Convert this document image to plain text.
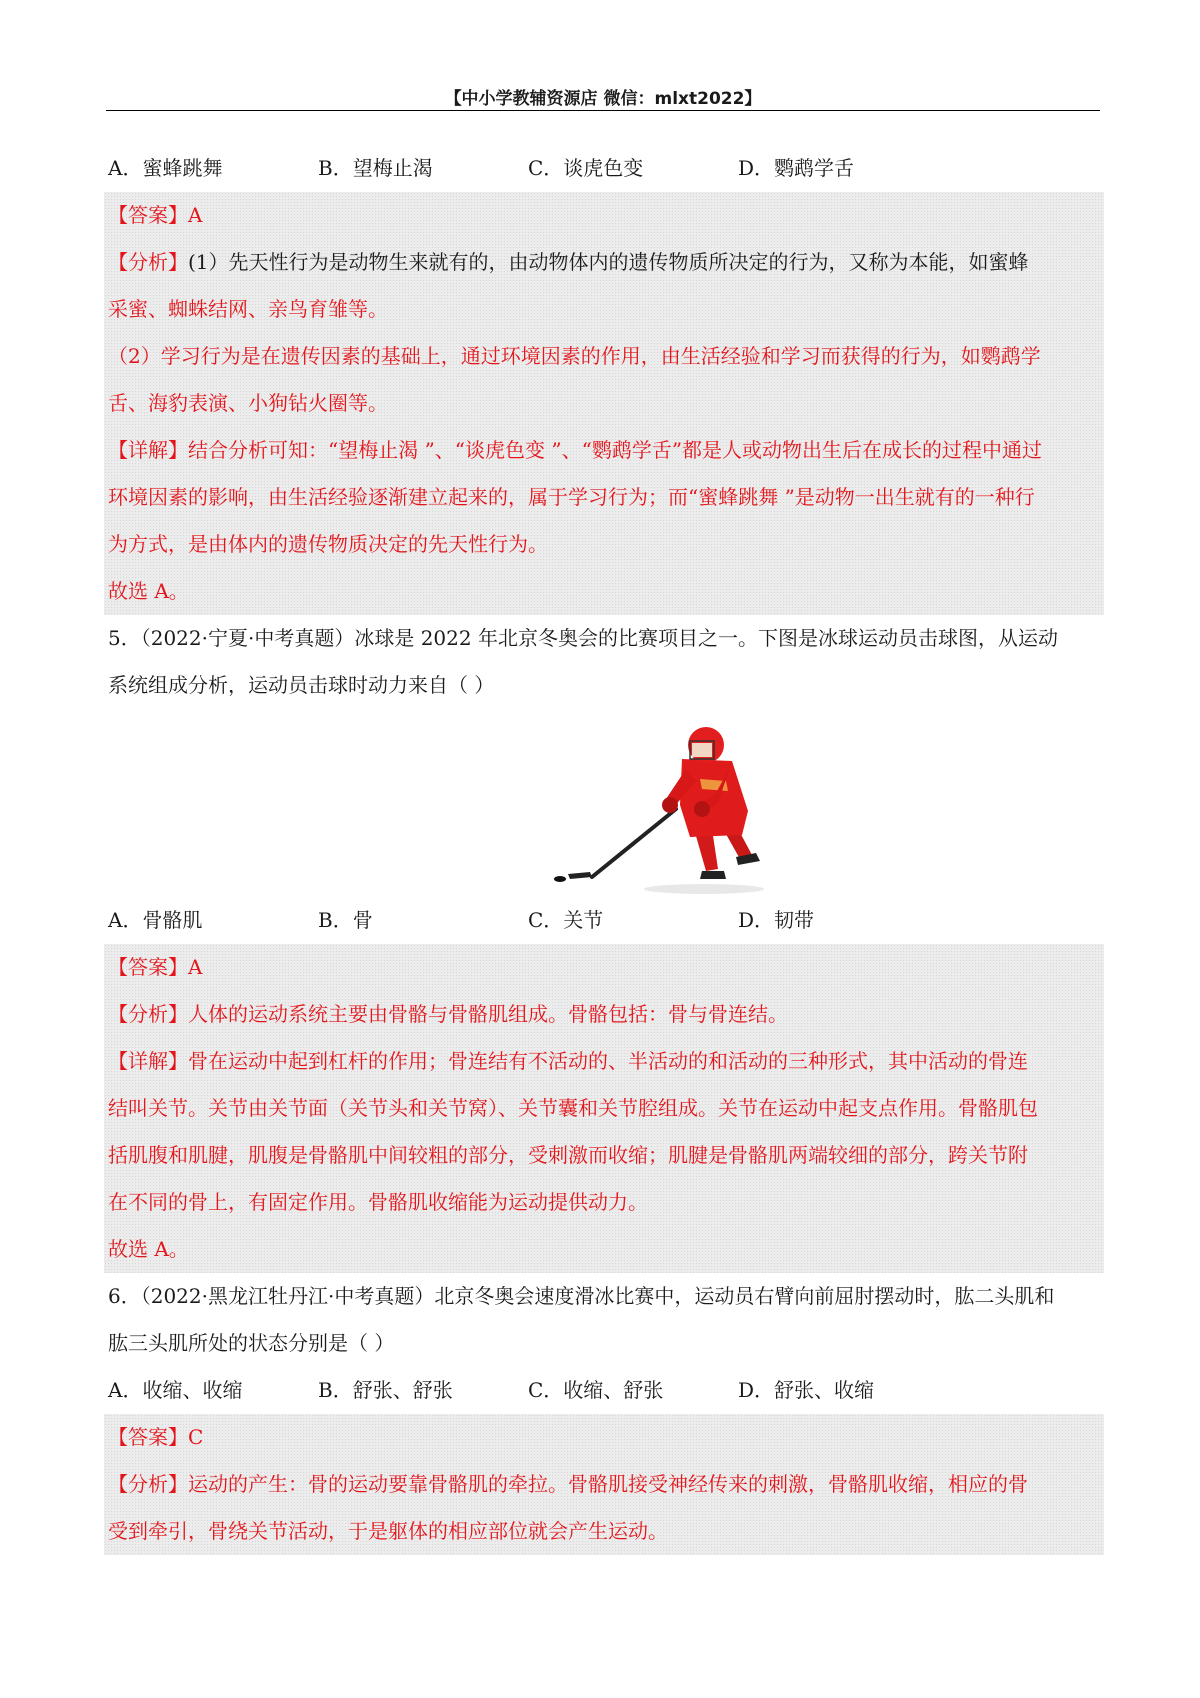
【中小学教辅资源店 微信：mlxt2022】
A．蜜蜂跳舞	B．望梅止渴	C．谈虎色变	D．鹦鹉学舌
【答案】A
【分析】(1）先天性行为是动物生来就有的，由动物体内的遗传物质所决定的行为，又称为本能，如蜜蜂
采蜜、蜘蛛结网、亲鸟育雏等。
（2）学习行为是在遗传因素的基础上，通过环境因素的作用，由生活经验和学习而获得的行为，如鹦鹉学
舌、海豹表演、小狗钻火圈等。
【详解】结合分析可知：“望梅止渴 ”、“谈虎色变 ”、“鹦鹉学舌”都是人或动物出生后在成长的过程中通过
环境因素的影响，由生活经验逐渐建立起来的，属于学习行为；而“蜜蜂跳舞 ”是动物一出生就有的一种行
为方式，是由体内的遗传物质决定的先天性行为。
故选 A。
5．（2022·宁夏·中考真题）冰球是 2022 年北京冬奥会的比赛项目之一。下图是冰球运动员击球图，从运动
系统组成分析，运动员击球时动力来自（ ）
A．骨骼肌	B．骨	C．关节	D．韧带
【答案】A
【分析】人体的运动系统主要由骨骼与骨骼肌组成。骨骼包括：骨与骨连结。
【详解】骨在运动中起到杠杆的作用；骨连结有不活动的、半活动的和活动的三种形式，其中活动的骨连
结叫关节。关节由关节面（关节头和关节窝）、关节囊和关节腔组成。关节在运动中起支点作用。骨骼肌包
括肌腹和肌腱，肌腹是骨骼肌中间较粗的部分，受刺激而收缩；肌腱是骨骼肌两端较细的部分，跨关节附
在不同的骨上，有固定作用。骨骼肌收缩能为运动提供动力。
故选 A。
6．（2022·黑龙江牡丹江·中考真题）北京冬奥会速度滑冰比赛中，运动员右臂向前屈肘摆动时，肱二头肌和
肱三头肌所处的状态分别是（ ）
A．收缩、收缩	B．舒张、舒张	C．收缩、舒张	D．舒张、收缩
【答案】C
【分析】运动的产生：骨的运动要靠骨骼肌的牵拉。骨骼肌接受神经传来的刺激，骨骼肌收缩，相应的骨
受到牵引，骨绕关节活动，于是躯体的相应部位就会产生运动。
